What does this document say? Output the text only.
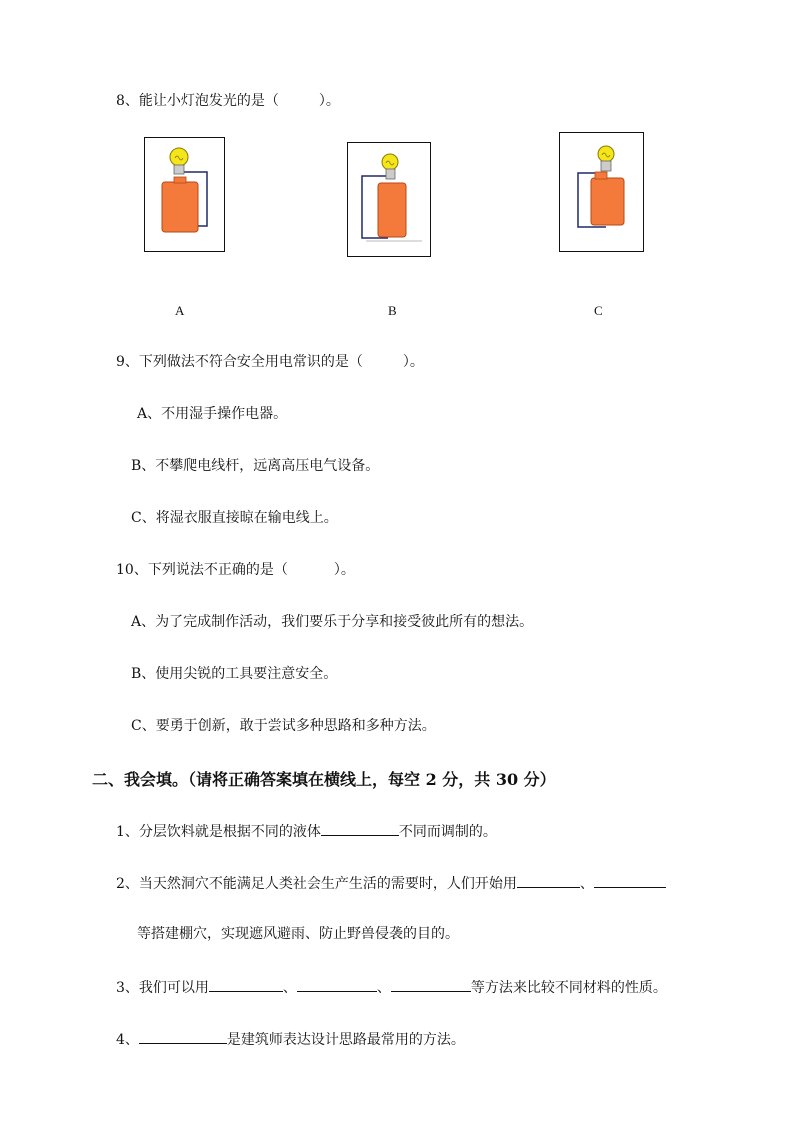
8、能让小灯泡发光的是（	）。
A	B	C
9、下列做法不符合安全用电常识的是（	）。
A、不用湿手操作电器。
B、不攀爬电线杆，远离高压电气设备。
C、将湿衣服直接晾在输电线上。
10、下列说法不正确的是（	）。
A、为了完成制作活动，我们要乐于分享和接受彼此所有的想法。
B、使用尖锐的工具要注意安全。
C、要勇于创新，敢于尝试多种思路和多种方法。
二、我会填。（请将正确答案填在横线上，每空 2 分，共 30 分）
1、分层饮料就是根据不同的液体	不同而调制的。
2、当天然洞穴不能满足人类社会生产生活的需要时，人们开始用	、
等搭建棚穴，实现遮风避雨、防止野兽侵袭的目的。
3、我们可以用	、	、	等方法来比较不同材料的性质。
4、	是建筑师表达设计思路最常用的方法。
